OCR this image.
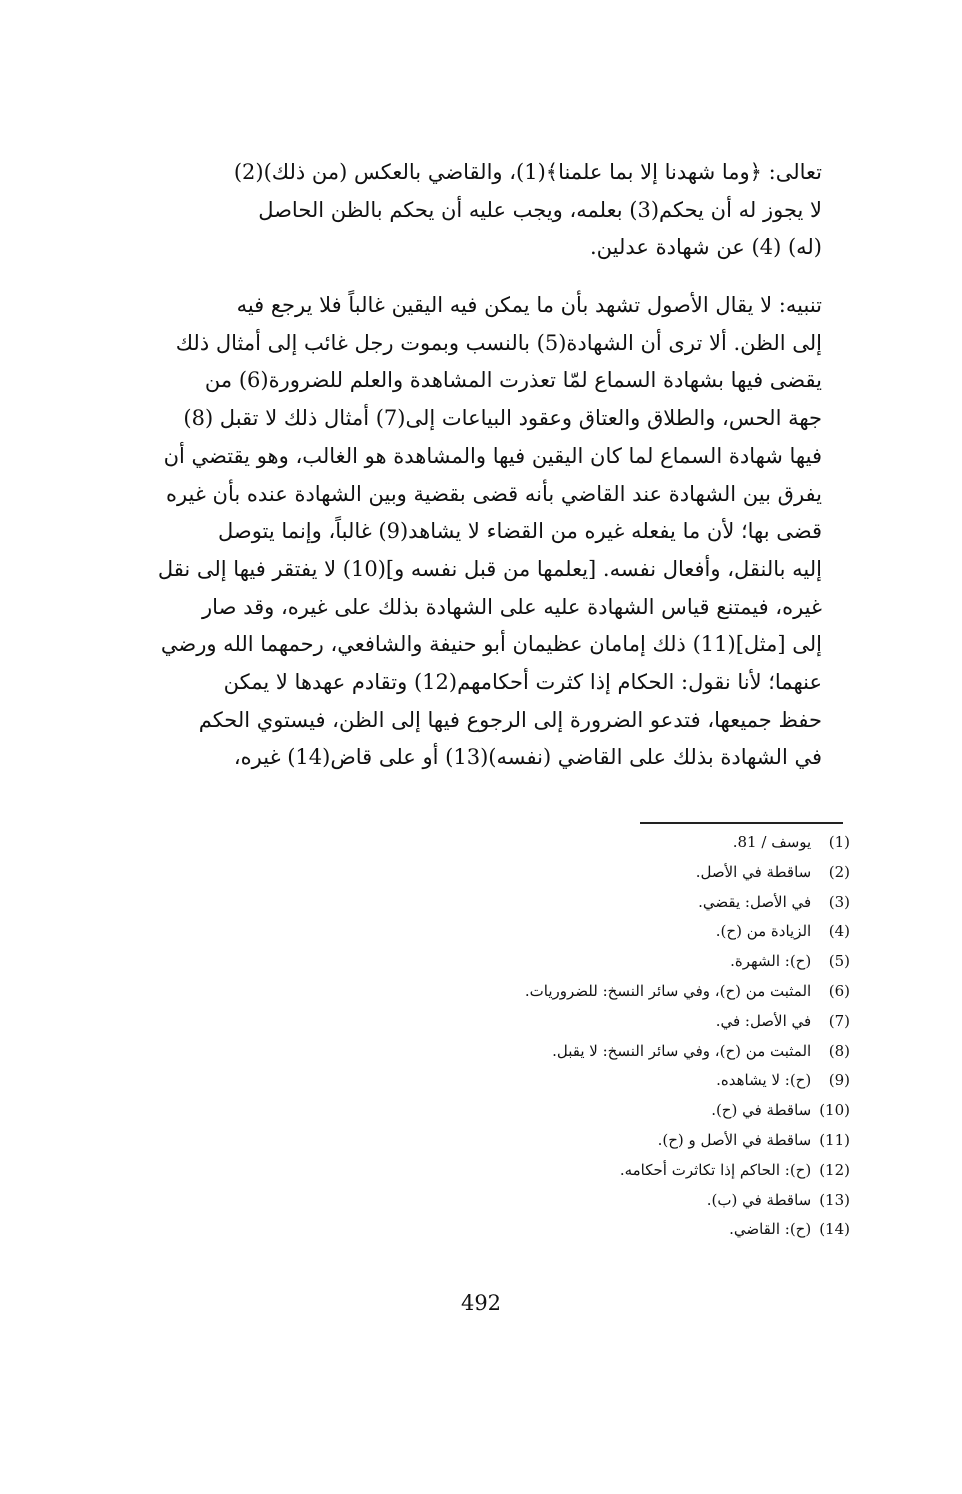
تعالى: ﴿وما شهدنا إلا بما علمنا﴾(1)، والقاضي بالعكس (من ذلك)(2)
لا يجوز له أن يحكم(3) بعلمه، ويجب عليه أن يحكم بالظن الحاصل
(له) (4) عن شهادة عدلين.
تنبيه: لا يقال الأصول تشهد بأن ما يمكن فيه اليقين غالباً فلا يرجع فيه
إلى الظن. ألا ترى أن الشهادة(5) بالنسب وبموت رجل غائب إلى أمثال ذلك
يقضى فيها بشهادة السماع لمّا تعذرت المشاهدة والعلم للضرورة(6) من
جهة الحس، والطلاق والعتاق وعقود البياعات إلى(7) أمثال ذلك لا تقبل (8)
فيها شهادة السماع لما كان اليقين فيها والمشاهدة هو الغالب، وهو يقتضي أن
يفرق بين الشهادة عند القاضي بأنه قضى بقضية وبين الشهادة عنده بأن غيره
قضى بها؛ لأن ما يفعله غيره من القضاء لا يشاهد(9) غالباً، وإنما يتوصل
إليه بالنقل، وأفعال نفسه. [يعلمها من قبل نفسه و](10) لا يفتقر فيها إلى نقل
غيره، فيمتنع قياس الشهادة عليه على الشهادة بذلك على غيره، وقد صار
إلى [مثل](11) ذلك إمامان عظيمان أبو حنيفة والشافعي، رحمهما الله ورضي
عنهما؛ لأنا نقول: الحكام إذا كثرت أحكامهم(12) وتقادم عهدها لا يمكن
حفظ جميعها، فتدعو الضرورة إلى الرجوع فيها إلى الظن، فيستوي الحكم
في الشهادة بذلك على القاضي (نفسه)(13) أو على قاض(14) غيره،
(1) يوسف / 81.
(2) ساقطة في الأصل.
(3) في الأصل: يقضي.
(4) الزيادة من (ح).
(5) (ح): الشهرة.
(6) المثبت من (ح)، وفي سائر النسخ: للضروريات.
(7) في الأصل: في.
(8) المثبت من (ح)، وفي سائر النسخ: لا يقبل.
(9) (ح): لا يشاهده.
(10) ساقطة في (ح).
(11) ساقطة في الأصل و (ح).
(12) (ح): الحاكم إذا تكاثرت أحكامه.
(13) ساقطة في (ب).
(14) (ح): القاضي.
492
